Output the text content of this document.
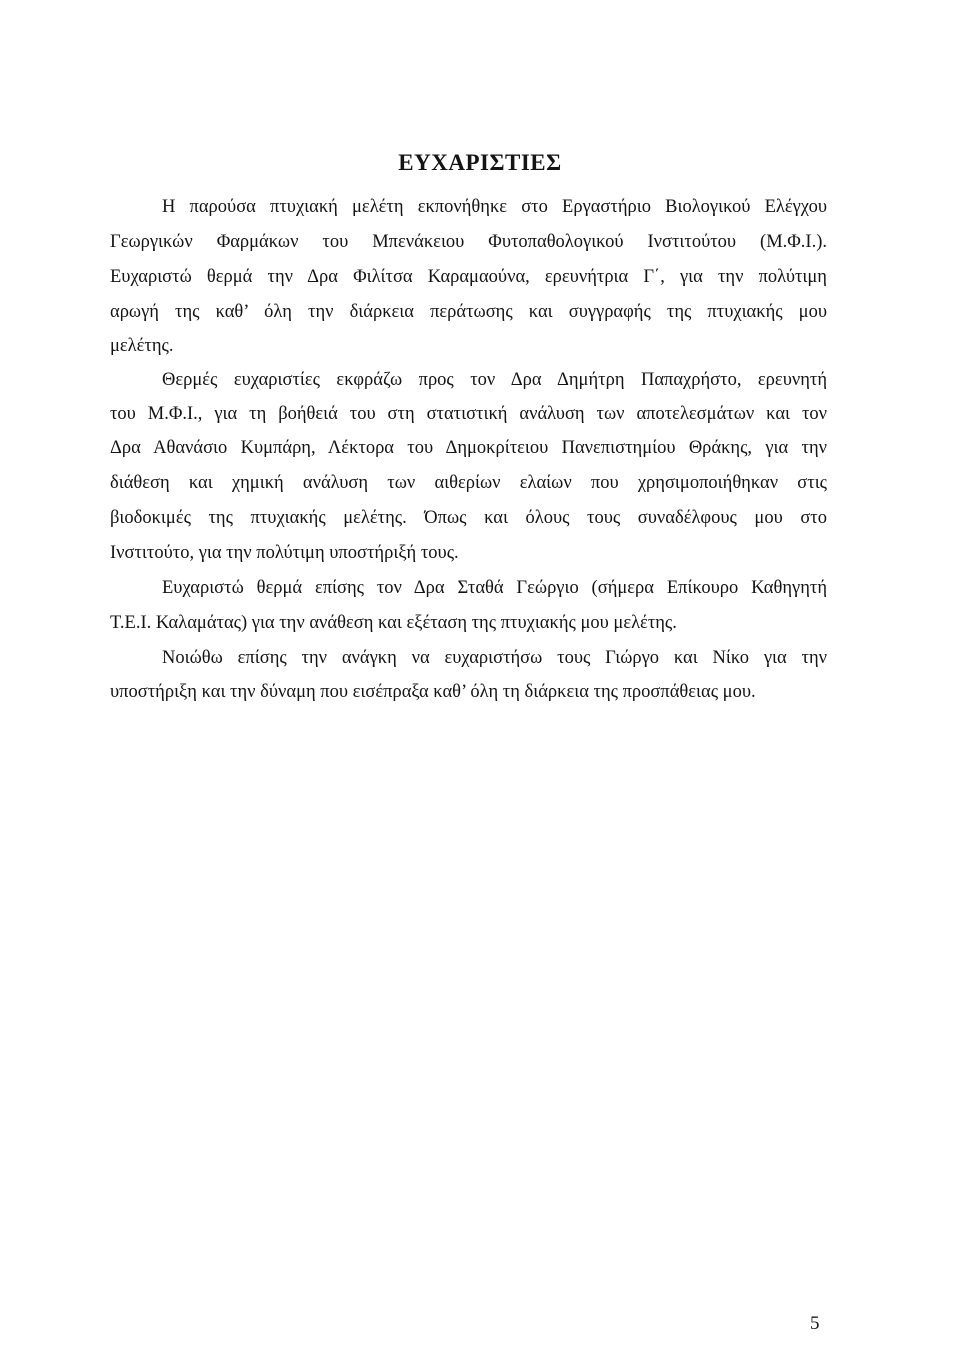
ΕΥΧΑΡΙΣΤΙΕΣ
Η παρούσα πτυχιακή μελέτη εκπονήθηκε στο Εργαστήριο Βιολογικού Ελέγχου
Γεωργικών Φαρμάκων του Μπενάκειου Φυτοπαθολογικού Ινστιτούτου (Μ.Φ.Ι.).
Ευχαριστώ θερμά την Δρα Φιλίτσα Καραμαούνα, ερευνήτρια Γ΄, για την πολύτιμη
αρωγή της καθ’ όλη την διάρκεια περάτωσης και συγγραφής της πτυχιακής μου
μελέτης.
Θερμές ευχαριστίες εκφράζω προς τον Δρα Δημήτρη Παπαχρήστο, ερευνητή
του Μ.Φ.Ι., για τη βοήθειά του στη στατιστική ανάλυση των αποτελεσμάτων και τον
Δρα Αθανάσιο Κυμπάρη, Λέκτορα του Δημοκρίτειου Πανεπιστημίου Θράκης, για την
διάθεση και χημική ανάλυση των αιθερίων ελαίων που χρησιμοποιήθηκαν στις
βιοδοκιμές της πτυχιακής μελέτης. Όπως και όλους τους συναδέλφους μου στο
Ινστιτούτο, για την πολύτιμη υποστήριξή τους.
Ευχαριστώ θερμά επίσης τον Δρα Σταθά Γεώργιο (σήμερα Επίκουρο Καθηγητή
Τ.Ε.Ι. Καλαμάτας) για την ανάθεση και εξέταση της πτυχιακής μου μελέτης.
Νοιώθω επίσης την ανάγκη να ευχαριστήσω τους Γιώργο και Νίκο για την
υποστήριξη και την δύναμη που εισέπραξα καθ’ όλη τη διάρκεια της προσπάθειας μου.
5
